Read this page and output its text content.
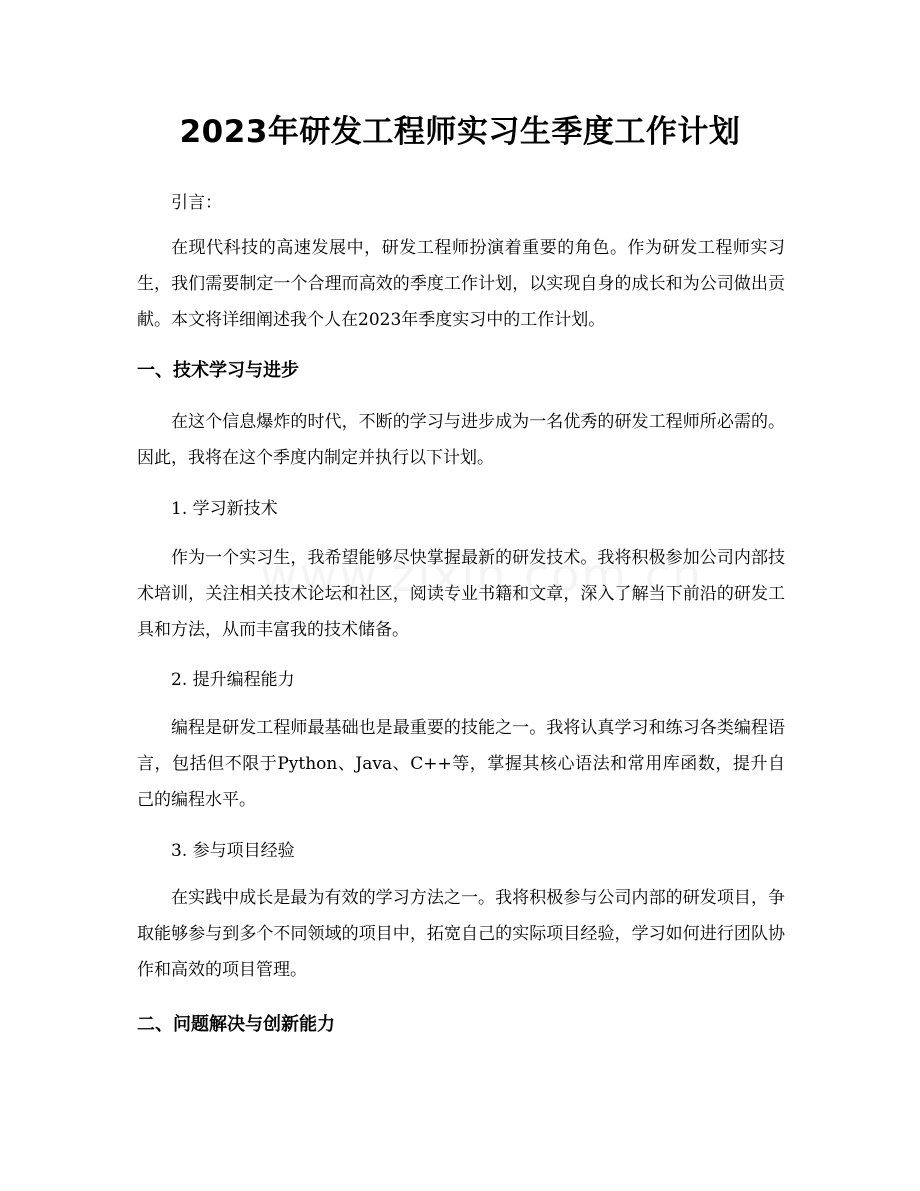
2023年研发工程师实习生季度工作计划

引言：

在现代科技的高速发展中，研发工程师扮演着重要的角色。作为研发工程师实习生，我们需要制定一个合理而高效的季度工作计划，以实现自身的成长和为公司做出贡献。本文将详细阐述我个人在2023年季度实习中的工作计划。

一、技术学习与进步

在这个信息爆炸的时代，不断的学习与进步成为一名优秀的研发工程师所必需的。因此，我将在这个季度内制定并执行以下计划。

1. 学习新技术

作为一个实习生，我希望能够尽快掌握最新的研发技术。我将积极参加公司内部技术培训，关注相关技术论坛和社区，阅读专业书籍和文章，深入了解当下前沿的研发工具和方法，从而丰富我的技术储备。

2. 提升编程能力

编程是研发工程师最基础也是最重要的技能之一。我将认真学习和练习各类编程语言，包括但不限于Python、Java、C++等，掌握其核心语法和常用库函数，提升自己的编程水平。

3. 参与项目经验

在实践中成长是最为有效的学习方法之一。我将积极参与公司内部的研发项目，争取能够参与到多个不同领域的项目中，拓宽自己的实际项目经验，学习如何进行团队协作和高效的项目管理。

二、问题解决与创新能力
